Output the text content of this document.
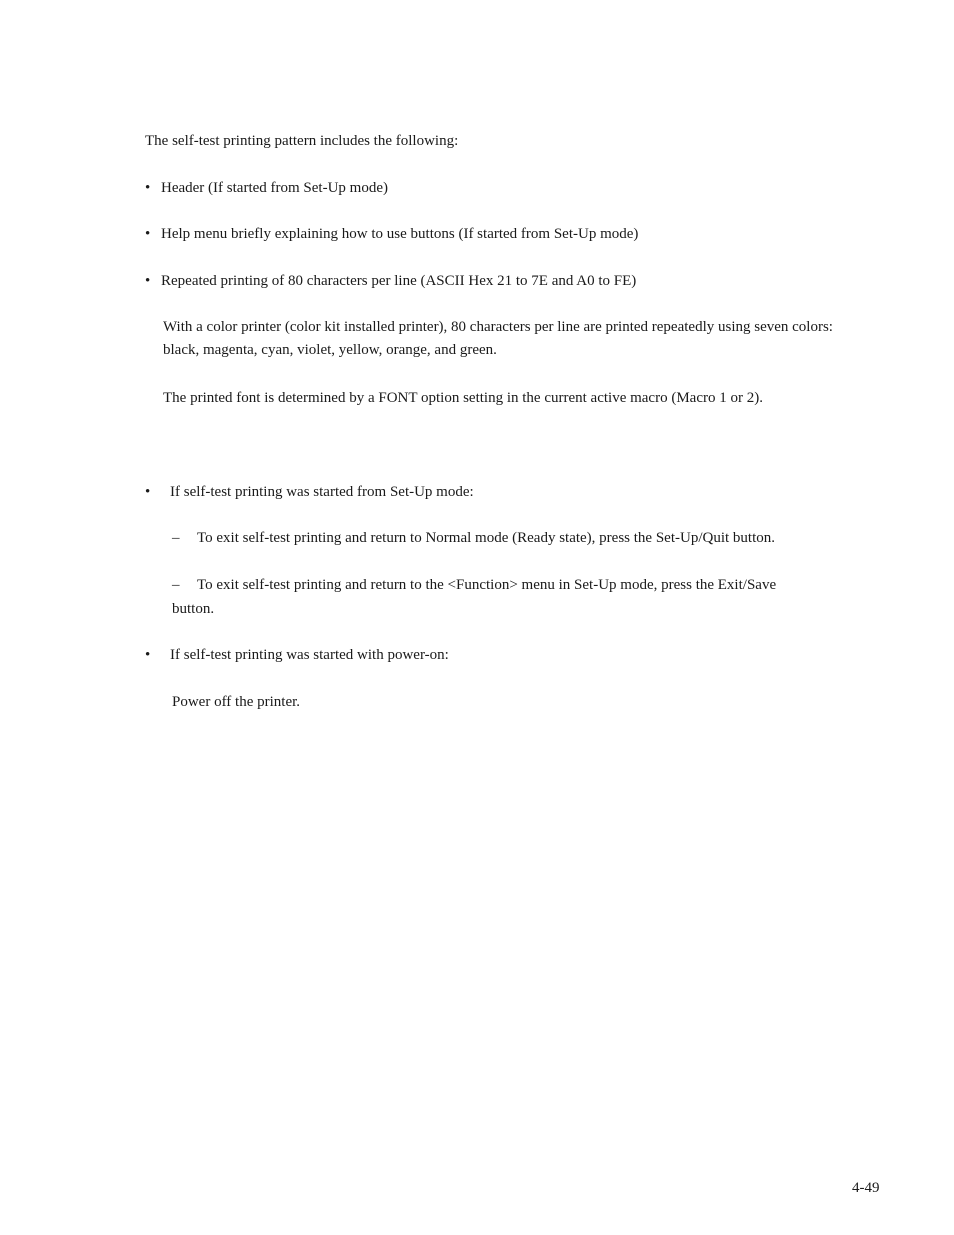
The self-test printing pattern includes the following:
• Header (If started from Set-Up mode)
• Help menu briefly explaining how to use buttons (If started from Set-Up mode)
• Repeated printing of 80 characters per line (ASCII Hex 21 to 7E and A0 to FE)
With a color printer (color kit installed printer), 80 characters per line are printed repeatedly using seven colors: black, magenta, cyan, violet, yellow, orange, and green.
The printed font is determined by a FONT option setting in the current active macro (Macro 1 or 2).
• If self-test printing was started from Set-Up mode:
– To exit self-test printing and return to Normal mode (Ready state), press the Set-Up/Quit button.
– To exit self-test printing and return to the <Function> menu in Set-Up mode, press the Exit/Save
button.
• If self-test printing was started with power-on:
Power off the printer.
4-49
